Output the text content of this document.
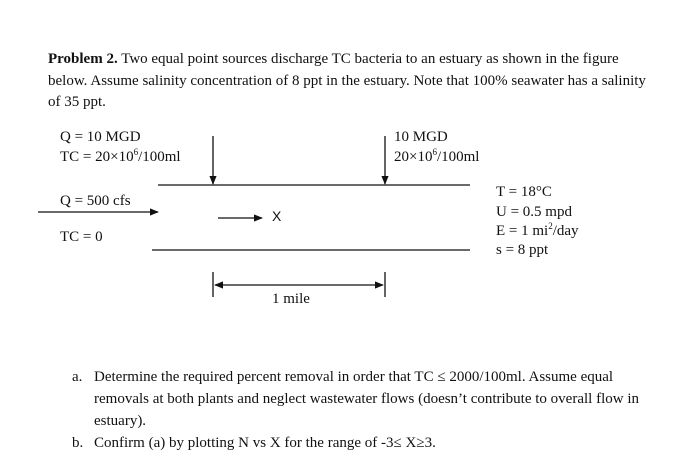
Problem 2. Two equal point sources discharge TC bacteria to an estuary as shown in the figure below. Assume salinity concentration of 8 ppt in the estuary. Note that 100% seawater has a salinity of 35 ppt.
Q = 10 MGD
TC = $20\times 10^6/100ml$
10 MGD
$20\times 10^6/100ml$
Q = 500 cfs
TC = 0
X
1 mile
T = 18°C
U = 0.5 mpd
E = 1 $mi^2$/day
s = 8 ppt
a. Determine the required percent removal in order that TC ≤ 2000/100ml. Assume equal removals at both plants and neglect wastewater flows (doesn’t contribute to overall flow in estuary).
b. Confirm (a) by plotting N vs X for the range of -3≤ X≥3.
